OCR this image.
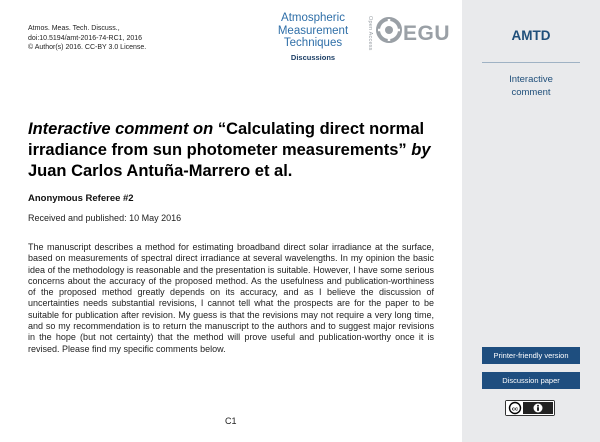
Atmos. Meas. Tech. Discuss.,
doi:10.5194/amt-2016-74-RC1, 2016
© Author(s) 2016. CC-BY 3.0 License.
Atmospheric
Measurement
Techniques
Discussions
Open Access EGU
Interactive comment on “Calculating direct normal irradiance from sun photometer measurements” by Juan Carlos Antuña-Marrero et al.
Anonymous Referee #2
Received and published: 10 May 2016
The manuscript describes a method for estimating broadband direct solar irradiance at the surface, based on measurements of spectral direct irradiance at several wavelengths. In my opinion the basic idea of the methodology is reasonable and the presentation is suitable. However, I have some serious concerns about the accuracy of the proposed method. As the usefulness and publication-worthiness of the proposed method greatly depends on its accuracy, and as I believe the discussion of uncertainties needs substantial revisions, I cannot tell what the prospects are for the paper to be suitable for publication after revision. My guess is that the revisions may not require a very long time, and so my recommendation is to return the manuscript to the authors and to suggest major revisions in the hope (but not certainty) that the method will prove useful and publication-worthy once it is revised. Please find my specific comments below.
C1
AMTD
Interactive
comment
Printer-friendly version
Discussion paper
cc
